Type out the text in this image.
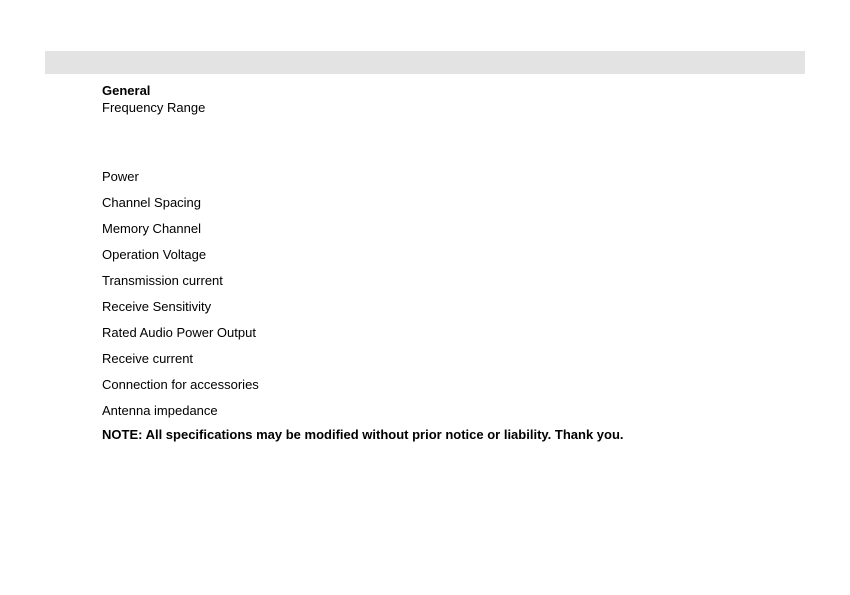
General
Frequency Range
Power
Channel Spacing
Memory Channel
Operation Voltage
Transmission current
Receive Sensitivity
Rated Audio Power Output
Receive current
Connection for accessories
Antenna impedance
NOTE: All specifications may be modified without prior notice or liability. Thank you.
